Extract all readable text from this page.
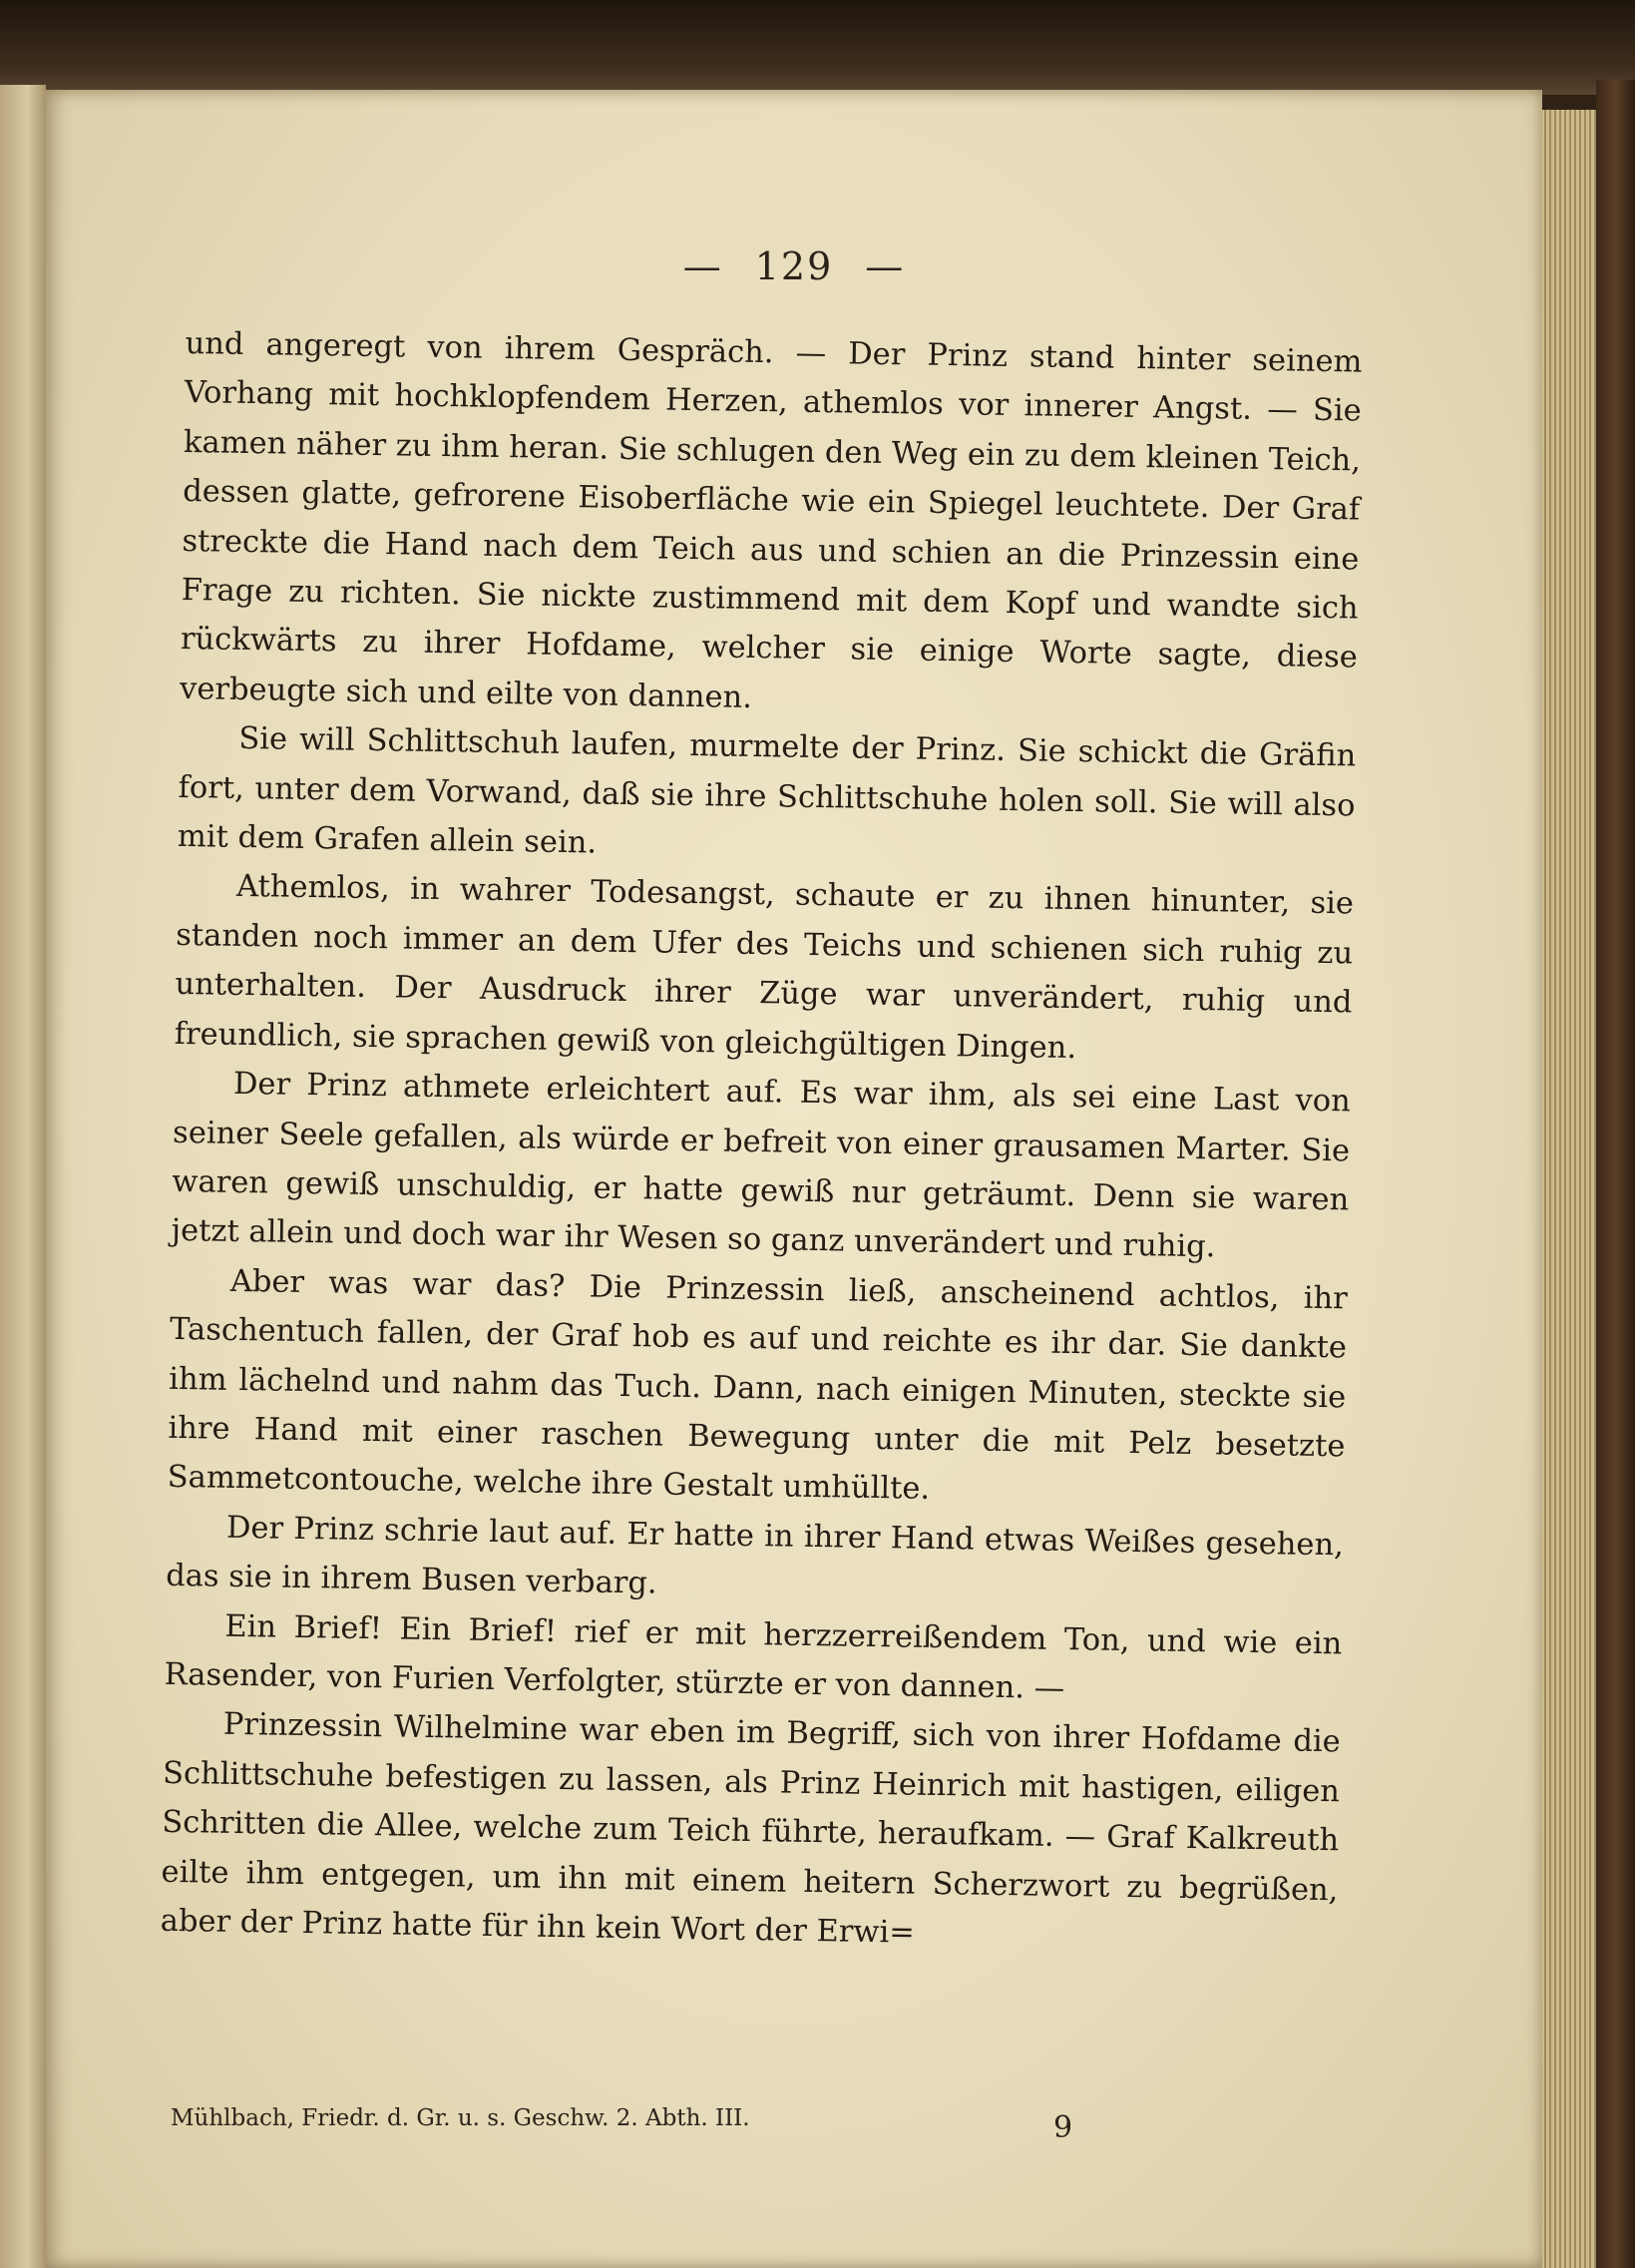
— 129 —

und angeregt von ihrem Gespräch. — Der Prinz stand hinter seinem Vorhang mit hochklopfendem Herzen, athemlos vor innerer Angst. — Sie kamen näher zu ihm heran. Sie schlugen den Weg ein zu dem kleinen Teich, dessen glatte, gefrorene Eisoberfläche wie ein Spiegel leuchtete. Der Graf streckte die Hand nach dem Teich aus und schien an die Prinzessin eine Frage zu richten. Sie nickte zustimmend mit dem Kopf und wandte sich rückwärts zu ihrer Hofdame, welcher sie einige Worte sagte, diese verbeugte sich und eilte von dannen.

Sie will Schlittschuh laufen, murmelte der Prinz. Sie schickt die Gräfin fort, unter dem Vorwand, daß sie ihre Schlittschuhe holen soll. Sie will also mit dem Grafen allein sein.

Athemlos, in wahrer Todesangst, schaute er zu ihnen hinunter, sie standen noch immer an dem Ufer des Teichs und schienen sich ruhig zu unterhalten. Der Ausdruck ihrer Züge war unverändert, ruhig und freundlich, sie sprachen gewiß von gleichgültigen Dingen.

Der Prinz athmete erleichtert auf. Es war ihm, als sei eine Last von seiner Seele gefallen, als würde er befreit von einer grausamen Marter. Sie waren gewiß unschuldig, er hatte gewiß nur geträumt. Denn sie waren jetzt allein und doch war ihr Wesen so ganz unverändert und ruhig.

Aber was war das? Die Prinzessin ließ, anscheinend achtlos, ihr Taschentuch fallen, der Graf hob es auf und reichte es ihr dar. Sie dankte ihm lächelnd und nahm das Tuch. Dann, nach einigen Minuten, steckte sie ihre Hand mit einer raschen Bewegung unter die mit Pelz besetzte Sammetcontouche, welche ihre Gestalt umhüllte.

Der Prinz schrie laut auf. Er hatte in ihrer Hand etwas Weißes gesehen, das sie in ihrem Busen verbarg.

Ein Brief! Ein Brief! rief er mit herzzerreißendem Ton, und wie ein Rasender, von Furien Verfolgter, stürzte er von dannen. —

Prinzessin Wilhelmine war eben im Begriff, sich von ihrer Hofdame die Schlittschuhe befestigen zu lassen, als Prinz Heinrich mit hastigen, eiligen Schritten die Allee, welche zum Teich führte, heraufkam. — Graf Kalkreuth eilte ihm entgegen, um ihn mit einem heitern Scherzwort zu begrüßen, aber der Prinz hatte für ihn kein Wort der Erwi=

Mühlbach, Friedr. d. Gr. u. s. Geschw. 2. Abth. III.	9
